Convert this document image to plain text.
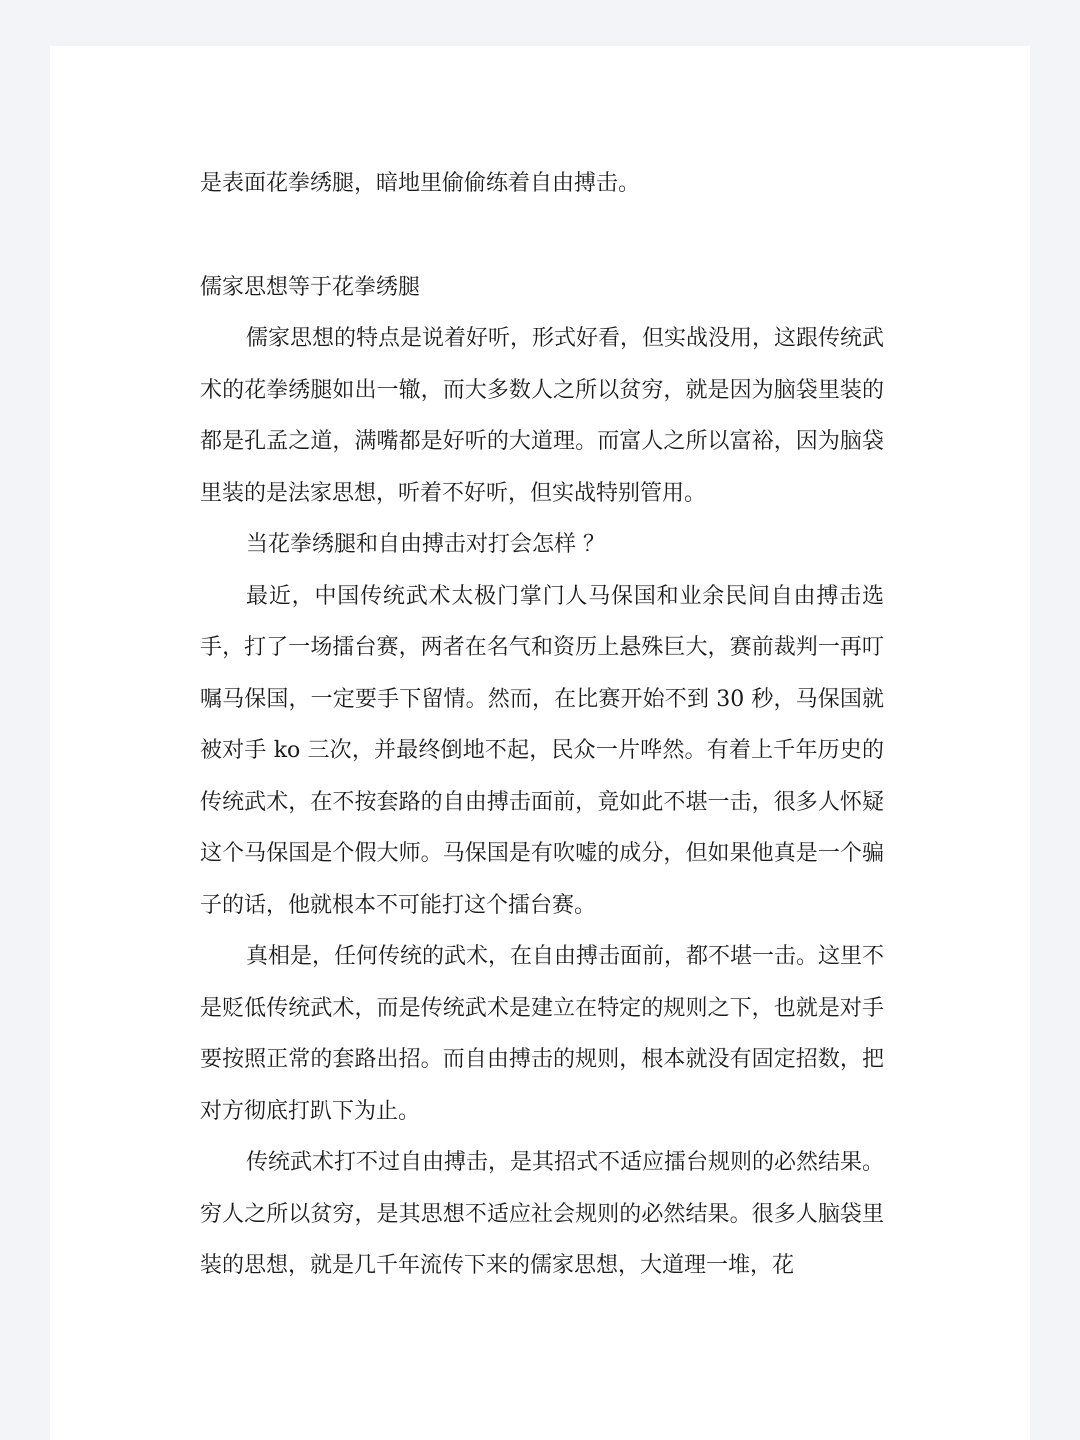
是表面花拳绣腿，暗地里偷偷练着自由搏击。

儒家思想等于花拳绣腿

儒家思想的特点是说着好听，形式好看，但实战没用，这跟传统武术的花拳绣腿如出一辙，而大多数人之所以贫穷，就是因为脑袋里装的都是孔孟之道，满嘴都是好听的大道理。而富人之所以富裕，因为脑袋里装的是法家思想，听着不好听，但实战特别管用。

当花拳绣腿和自由搏击对打会怎样 ？

最近，中国传统武术太极门掌门人马保国和业余民间自由搏击选手，打了一场擂台赛，两者在名气和资历上悬殊巨大，赛前裁判一再叮嘱马保国，一定要手下留情。然而，在比赛开始不到 30 秒，马保国就被对手 ko 三次，并最终倒地不起，民众一片哗然。有着上千年历史的传统武术，在不按套路的自由搏击面前，竟如此不堪一击，很多人怀疑这个马保国是个假大师。马保国是有吹嘘的成分，但如果他真是一个骗子的话，他就根本不可能打这个擂台赛。

真相是，任何传统的武术，在自由搏击面前，都不堪一击。这里不是贬低传统武术，而是传统武术是建立在特定的规则之下，也就是对手要按照正常的套路出招。而自由搏击的规则，根本就没有固定招数，把对方彻底打趴下为止。

传统武术打不过自由搏击，是其招式不适应擂台规则的必然结果。穷人之所以贫穷，是其思想不适应社会规则的必然结果。很多人脑袋里装的思想，就是几千年流传下来的儒家思想，大道理一堆，花
